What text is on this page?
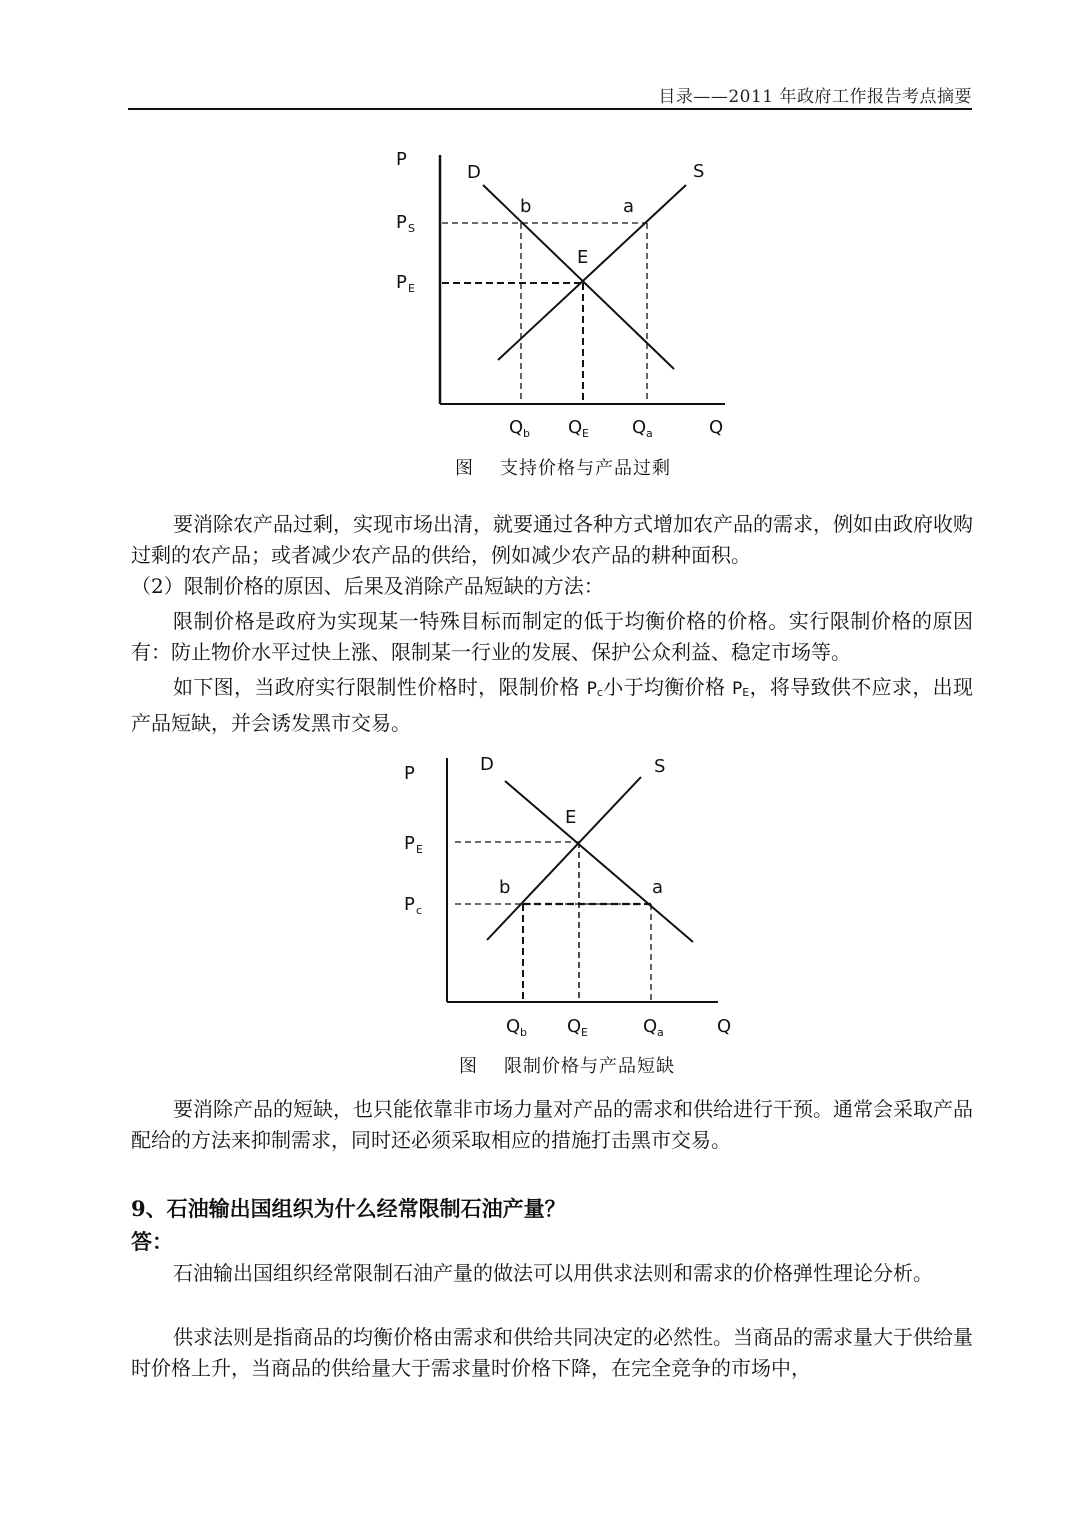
目录——2011 年政府工作报告考点摘要
P
D	S
b	a
E
P S
P E
Q b Q E Q a	Q
图 支持价格与产品过剩

要消除农产品过剩，实现市场出清，就要通过各种方式增加农产品的需求，例如由政府收购过剩的农产品；或者减少农产品的供给，例如减少农产品的耕种面积。

（2）限制价格的原因、后果及消除产品短缺的方法：

限制价格是政府为实现某一特殊目标而制定的低于均衡价格的价格。实行限制价格的原因有：防止物价水平过快上涨、限制某一行业的发展、保护公众利益、稳定市场等。

如下图，当政府实行限制性价格时，限制价格 Pc小于均衡价格 PE，将导致供不应求，出现产品短缺，并会诱发黑市交易。

P	D	S
E
b	a
P E
P c
Q b Q E	Q a	Q
图 限制价格与产品短缺

要消除产品的短缺，也只能依靠非市场力量对产品的需求和供给进行干预。通常会采取产品配给的方法来抑制需求，同时还必须采取相应的措施打击黑市交易。

9、石油输出国组织为什么经常限制石油产量？
答：

石油输出国组织经常限制石油产量的做法可以用供求法则和需求的价格弹性理论分析。

供求法则是指商品的均衡价格由需求和供给共同决定的必然性。当商品的需求量大于供给量时价格上升，当商品的供给量大于需求量时价格下降，在完全竞争的市场中，
